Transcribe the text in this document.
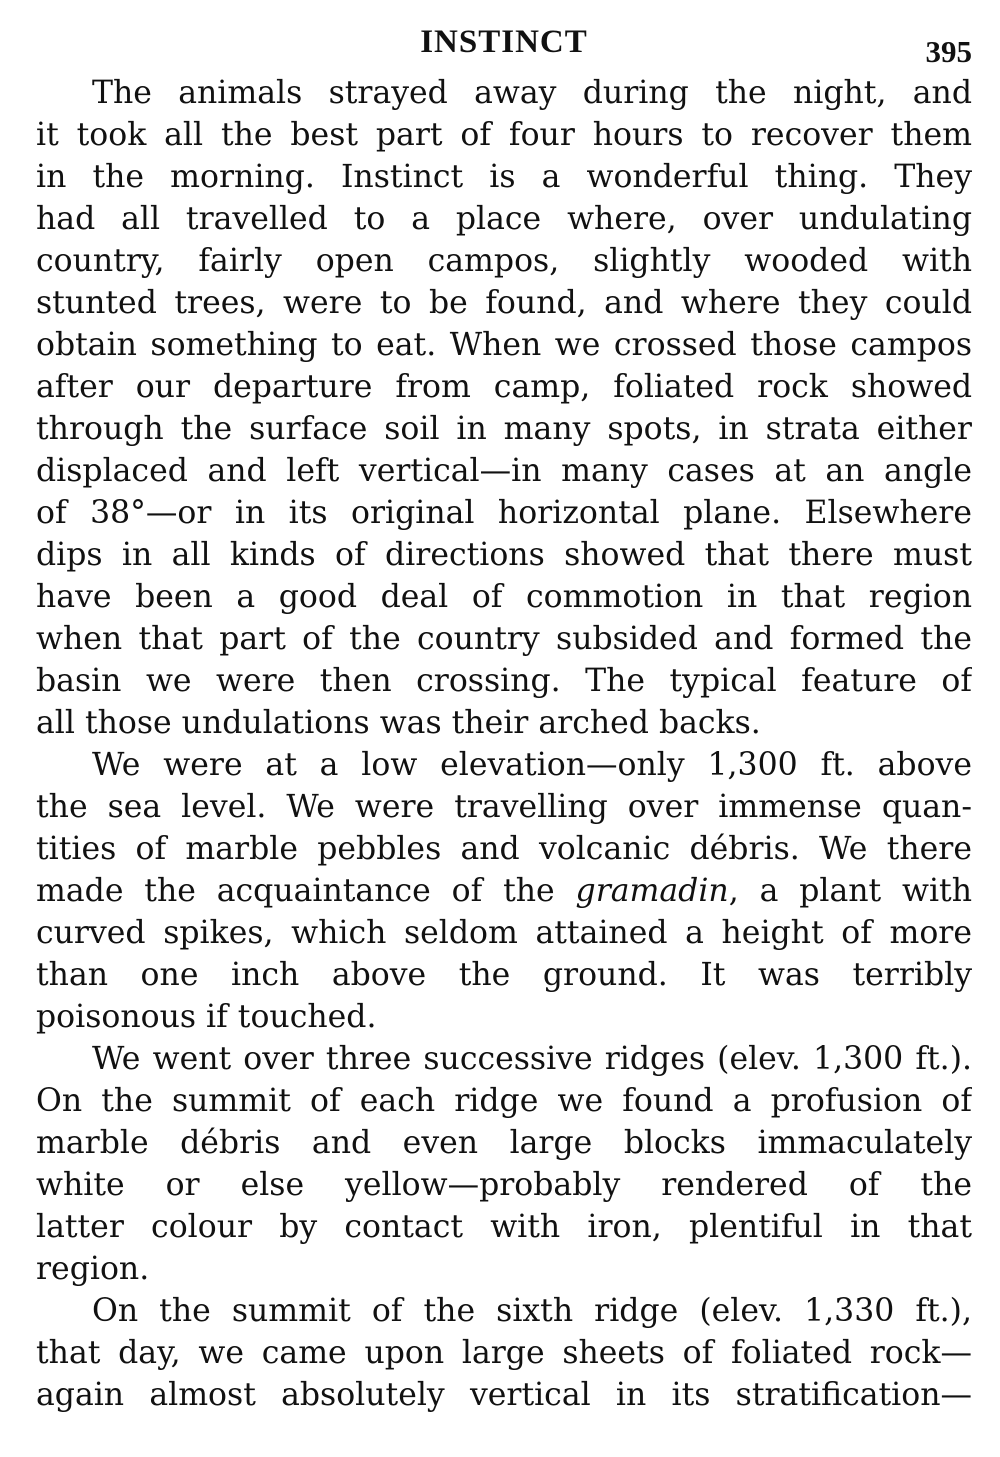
INSTINCT	395
The animals strayed away during the night, and
it took all the best part of four hours to recover them
in the morning. Instinct is a wonderful thing. They
had all travelled to a place where, over undulating
country, fairly open campos, slightly wooded with
stunted trees, were to be found, and where they could
obtain something to eat. When we crossed those campos
after our departure from camp, foliated rock showed
through the surface soil in many spots, in strata either
displaced and left vertical—in many cases at an angle
of 38°—or in its original horizontal plane. Elsewhere
dips in all kinds of directions showed that there must
have been a good deal of commotion in that region
when that part of the country subsided and formed the
basin we were then crossing. The typical feature of
all those undulations was their arched backs.
We were at a low elevation—only 1,300 ft. above
the sea level. We were travelling over immense quan-
tities of marble pebbles and volcanic débris. We there
made the acquaintance of the gramadin, a plant with
curved spikes, which seldom attained a height of more
than one inch above the ground. It was terribly
poisonous if touched.
We went over three successive ridges (elev. 1,300 ft.).
On the summit of each ridge we found a profusion of
marble débris and even large blocks immaculately
white or else yellow—probably rendered of the
latter colour by contact with iron, plentiful in that
region.
On the summit of the sixth ridge (elev. 1,330 ft.),
that day, we came upon large sheets of foliated rock—
again almost absolutely vertical in its stratification—
